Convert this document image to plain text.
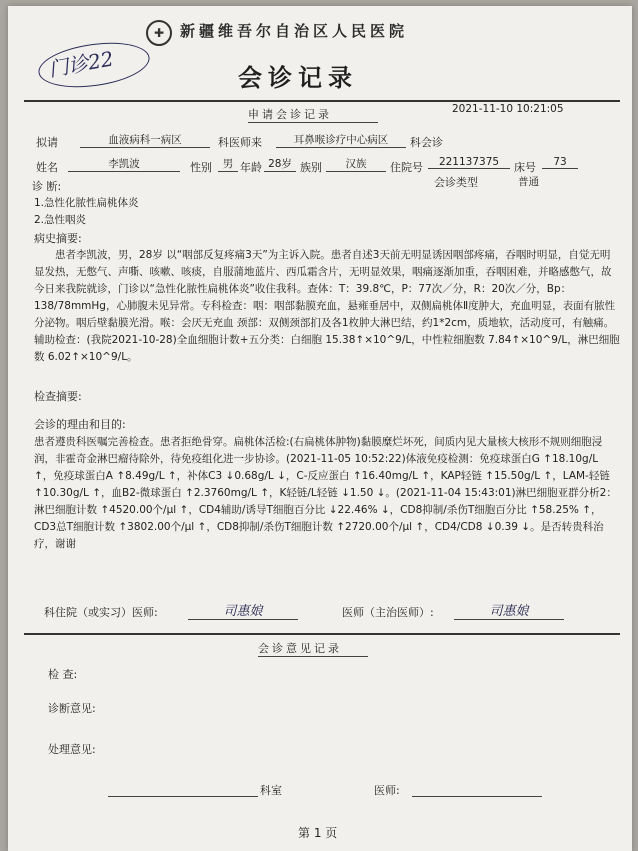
✚	新疆维吾尔自治区人民医院
门诊22	会诊记录
申请会诊记录	2021-11-10 10:21:05
拟请	血液病科一病区	科医师来	耳鼻喉诊疗中心病区	科会诊
姓名	李凯波	性别	男 年龄 28岁 族别	汉族	住院号	221137375	床号	73
会诊类型	普通
诊 断:
1.急性化脓性扁桃体炎
2.急性咽炎
病史摘要:
患者李凯波，男，28岁 以“咽部反复疼痛3天”为主诉入院。患者自述3天前无明显诱因咽部疼痛，吞咽时明显，自觉无明显发热，无憋气、声嘶、咳嗽、咳痰，自服蒲地蓝片、西瓜霜含片，无明显效果，咽痛逐渐加重，吞咽困难，并略感憋气，故今日来我院就诊，门诊以“急性化脓性扁桃体炎”收住我科。查体：T：39.8℃，P：77次／分，R：20次／分，Bp：138/78mmHg，心肺腹未见异常。专科检查：咽：咽部黏膜充血，悬雍垂居中，双侧扁桃体Ⅱ度肿大，充血明显，表面有脓性分泌物。咽后壁黏膜光滑。喉：会厌无充血 颈部：双侧颈部扪及各1枚肿大淋巴结，约1*2cm，质地软，活动度可，有触痛。辅助检查：(我院2021-10-28)全血细胞计数+五分类：白细胞 15.38↑×10^9/L，中性粒细胞数 7.84↑×10^9/L，淋巴细胞数 6.02↑×10^9/L。
检查摘要:
会诊的理由和目的:
患者遵贵科医嘱完善检查。患者拒绝骨穿。扁桃体活检:(右扁桃体肿物)黏膜糜烂坏死，间质内见大量核大核形不规则细胞浸润，非霍奇金淋巴瘤待除外，待免疫组化进一步协诊。(2021-11-05 10:52:22)体液免疫检测：免疫球蛋白G ↑18.10g/L ↑，免疫球蛋白A ↑8.49g/L ↑，补体C3 ↓0.68g/L ↓，C-反应蛋白 ↑16.40mg/L ↑，KAP轻链 ↑15.50g/L ↑，LAM-轻链 ↑10.30g/L ↑，血B2-微球蛋白 ↑2.3760mg/L ↑，K轻链/L轻链 ↓1.50 ↓。(2021-11-04 15:43:01)淋巴细胞亚群分析2：淋巴细胞计数 ↑4520.00个/μl ↑，CD4辅助/诱导T细胞百分比 ↓22.46% ↓，CD8抑制/杀伤T细胞百分比 ↑58.25% ↑，CD3总T细胞计数 ↑3802.00个/μl ↑，CD8抑制/杀伤T细胞计数 ↑2720.00个/μl ↑，CD4/CD8 ↓0.39 ↓。是否转贵科治疗，谢谢
科住院（或实习）医师:	司惠娘	医师（主治医师）:	司惠娘
会诊意见记录
检 查:
诊断意见:
处理意见:
科室	医师:
第 1 页
